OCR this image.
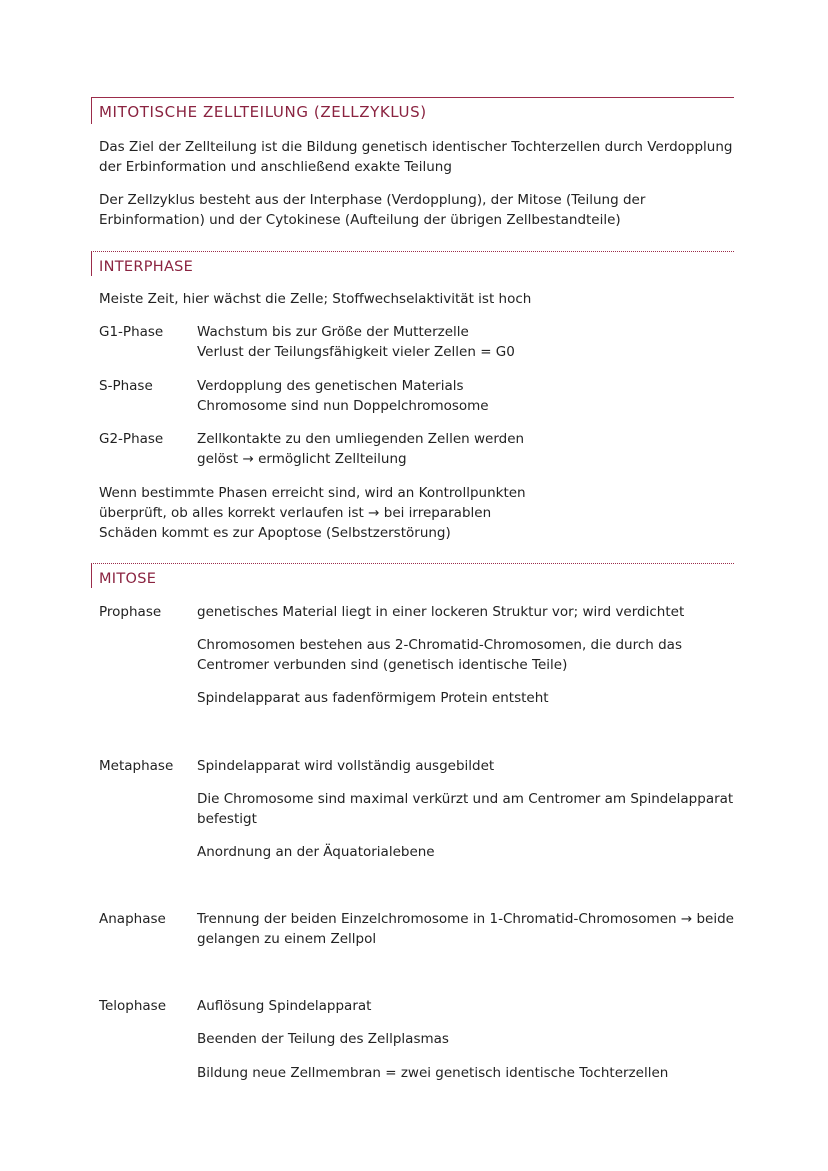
MITOTISCHE ZELLTEILUNG (ZELLZYKLUS)
Das Ziel der Zellteilung ist die Bildung genetisch identischer Tochterzellen durch Verdopplung der Erbinformation und anschließend exakte Teilung
Der Zellzyklus besteht aus der Interphase (Verdopplung), der Mitose (Teilung der Erbinformation) und der Cytokinese (Aufteilung der übrigen Zellbestandteile)
INTERPHASE
Meiste Zeit, hier wächst die Zelle; Stoffwechselaktivität ist hoch
G1-Phase	Wachstum bis zur Größe der Mutterzelle
Verlust der Teilungsfähigkeit vieler Zellen = G0
S-Phase	Verdopplung des genetischen Materials
Chromosome sind nun Doppelchromosome
G2-Phase	Zellkontakte zu den umliegenden Zellen werden
gelöst → ermöglicht Zellteilung
Wenn bestimmte Phasen erreicht sind, wird an Kontrollpunkten
überprüft, ob alles korrekt verlaufen ist → bei irreparablen
Schäden kommt es zur Apoptose (Selbstzerstörung)
MITOSE
Prophase	genetisches Material liegt in einer lockeren Struktur vor; wird verdichtet
Chromosomen bestehen aus 2-Chromatid-Chromosomen, die durch das Centromer verbunden sind (genetisch identische Teile)
Spindelapparat aus fadenförmigem Protein entsteht
Metaphase Spindelapparat wird vollständig ausgebildet
Die Chromosome sind maximal verkürzt und am Centromer am Spindelapparat befestigt
Anordnung an der Äquatorialebene
Anaphase Trennung der beiden Einzelchromosome in 1-Chromatid-Chromosomen → beide gelangen zu einem Zellpol
Telophase Auflösung Spindelapparat
Beenden der Teilung des Zellplasmas
Bildung neue Zellmembran = zwei genetisch identische Tochterzellen
